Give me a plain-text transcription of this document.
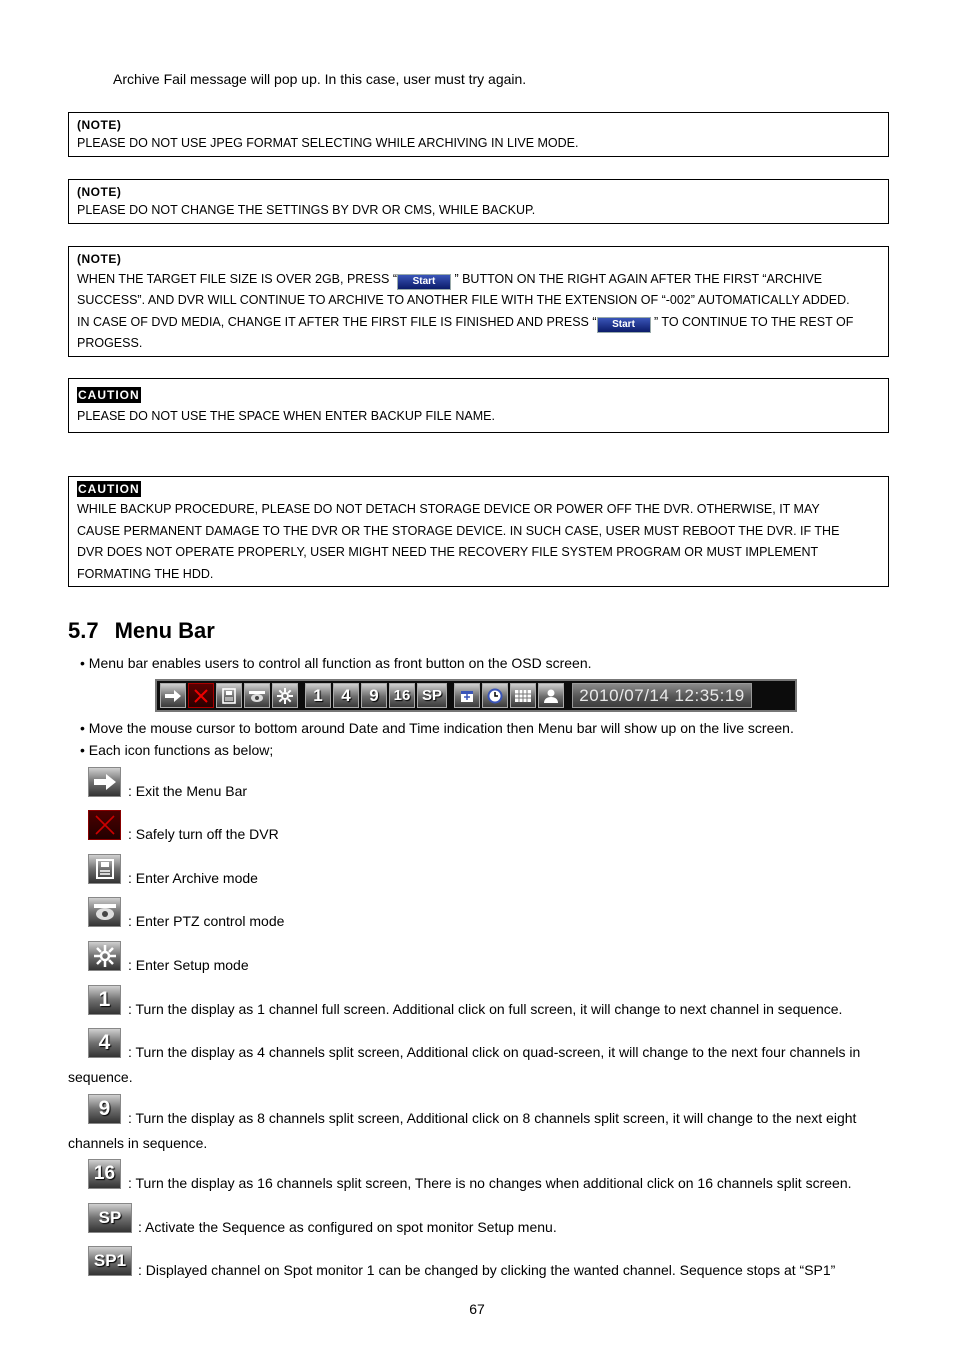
Archive Fail message will pop up. In this case, user must try again.
(NOTE)
PLEASE DO NOT USE JPEG FORMAT SELECTING WHILE ARCHIVING IN LIVE MODE.
(NOTE)
PLEASE DO NOT CHANGE THE SETTINGS BY DVR OR CMS, WHILE BACKUP.
(NOTE)
WHEN THE TARGET FILE SIZE IS OVER 2GB, PRESS “ Start ” BUTTON ON THE RIGHT AGAIN AFTER THE FIRST “ARCHIVE
SUCCESS”. AND DVR WILL CONTINUE TO ARCHIVE TO ANOTHER FILE WITH THE EXTENSION OF “-002” AUTOMATICALLY ADDED.
IN CASE OF DVD MEDIA, CHANGE IT AFTER THE FIRST FILE IS FINISHED AND PRESS “ Start ” TO CONTINUE TO THE REST OF
PROGESS.
CAUTION
PLEASE DO NOT USE THE SPACE WHEN ENTER BACKUP FILE NAME.
CAUTION
WHILE BACKUP PROCEDURE, PLEASE DO NOT DETACH STORAGE DEVICE OR POWER OFF THE DVR. OTHERWISE, IT MAY
CAUSE PERMANENT DAMAGE TO THE DVR OR THE STORAGE DEVICE. IN SUCH CASE, USER MUST REBOOT THE DVR. IF THE
DVR DOES NOT OPERATE PROPERLY, USER MIGHT NEED THE RECOVERY FILE SYSTEM PROGRAM OR MUST IMPLEMENT
FORMATING THE HDD.
5.7 Menu Bar
• Menu bar enables users to control all function as front button on the OSD screen.
1	4	9 16 SP	2010/07/14 12:35:19
• Move the mouse cursor to bottom around Date and Time indication then Menu bar will show up on the live screen.
• Each icon functions as below;
: Exit the Menu Bar
: Safely turn off the DVR
: Enter Archive mode
: Enter PTZ control mode
: Enter Setup mode
1	: Turn the display as 1 channel full screen. Additional click on full screen, it will change to next channel in sequence.
4	: Turn the display as 4 channels split screen, Additional click on quad-screen, it will change to the next four channels in
sequence.
9	: Turn the display as 8 channels split screen, Additional click on 8 channels split screen, it will change to the next eight
channels in sequence.
16 : Turn the display as 16 channels split screen, There is no changes when additional click on 16 channels split screen.
SP	: Activate the Sequence as configured on spot monitor Setup menu.
SP1 : Displayed channel on Spot monitor 1 can be changed by clicking the wanted channel. Sequence stops at “SP1”
67
